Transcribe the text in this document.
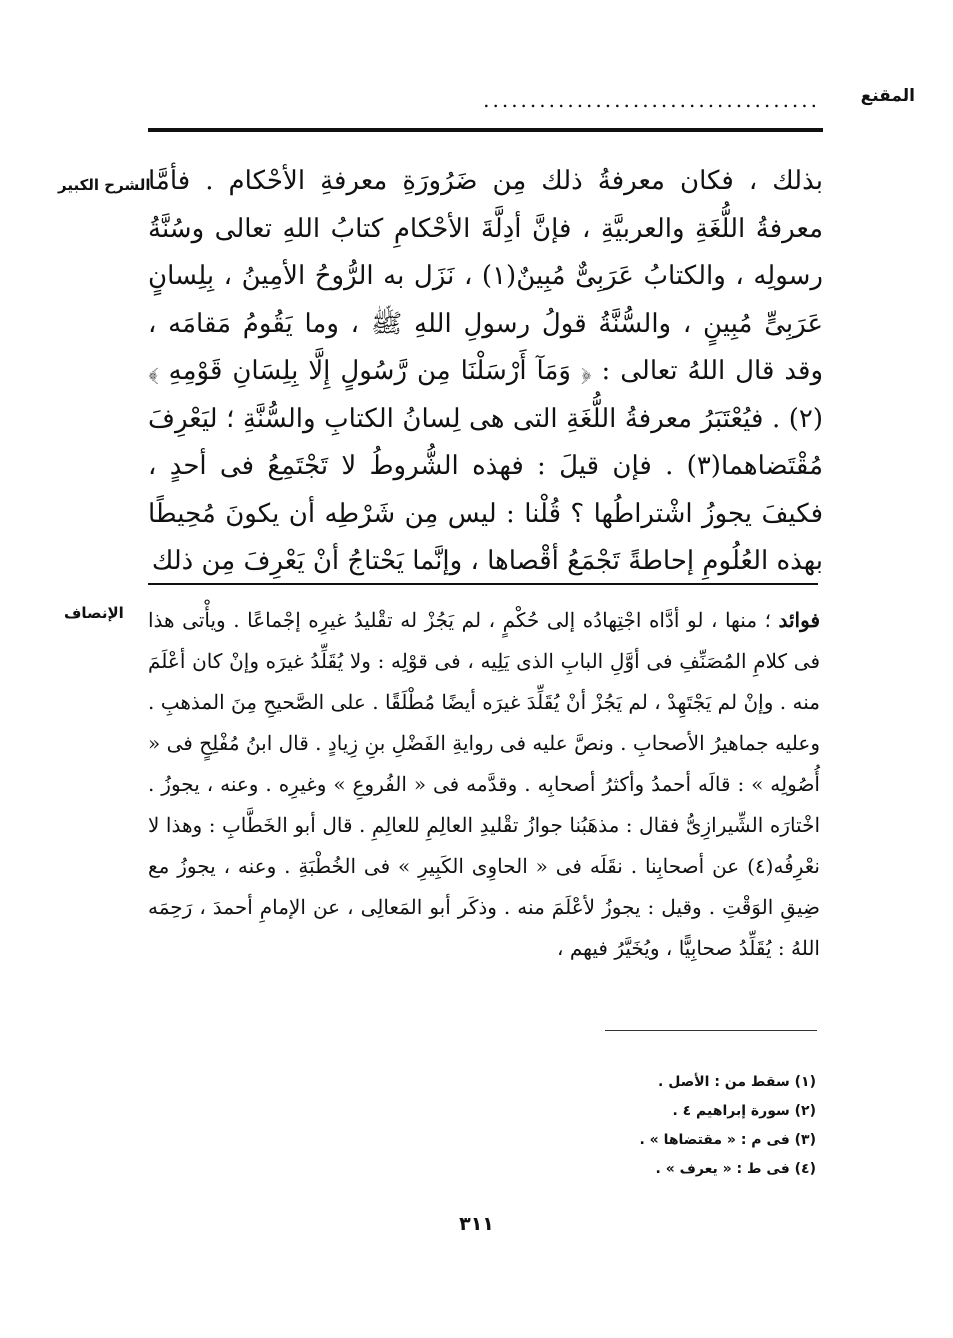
المقنع
....................................
الشرح الكبير

بذلك ، فكان معرفةُ ذلك مِن ضَرُورَةِ معرفةِ الأحْكام . فأمَّا معرفةُ اللُّغَةِ والعربيَّةِ ، فإنَّ أدِلَّةَ الأحْكامِ كتابُ اللهِ تعالى وسُنَّةُ رسولِه ، والكتابُ عَرَبِىٌّ مُبِينٌ(١) ، نَزَل به الرُّوحُ الأمِينُ ، بِلِسانٍ عَرَبِىٍّ مُبِينٍ ، والسُّنَّةُ قولُ رسولِ اللهِ ﷺ ، وما يَقُومُ مَقامَه ، وقد قال اللهُ تعالى : ﴿ وَمَآ أَرْسَلْنَا مِن رَّسُولٍ إِلَّا بِلِسَانِ قَوْمِهِ ﴾(٢) . فيُعْتَبَرُ معرفةُ اللُّغَةِ التى هى لِسانُ الكتابِ والسُّنَّةِ ؛ ليَعْرِفَ مُقْتَضاهما(٣) . فإن قيلَ : فهذه الشُّروطُ لا تَجْتَمِعُ فى أحدٍ ، فكيفَ يجوزُ اشْتراطُها ؟ قُلْنا : ليس مِن شَرْطِه أن يكونَ مُحِيطًا بهذه العُلُومِ إحاطةً تَجْمَعُ أقْصاها ، وإنَّما يَحْتاجُ أنْ يَعْرِفَ مِن ذلك

الإنصاف	فوائد ؛ منها ، لو أدَّاه اجْتِهادُه إلى حُكْمٍ ، لم يَجُزْ له تقْليدُ غيرِه إجْماعًا . ويأْتى هذا فى كلامِ المُصَنِّفِ فى أوَّلِ البابِ الذى يَلِيه ، فى قوْلِه : ولا يُقَلِّدُ غيرَه وإنْ كان أعْلَمَ منه . وإنْ لم يَجْتَهِدْ ، لم يَجُزْ أنْ يُقَلِّدَ غيرَه أيضًا مُطْلَقًا . على الصَّحيحِ مِنَ المذهبِ . وعليه جماهيرُ الأصحابِ . ونصَّ عليه فى روايةِ الفَضْلِ بنِ زِيادٍ . قال ابنُ مُفْلِحٍ فى « أُصُولِه » : قالَه أحمدُ وأكثرُ أصحابِه . وقدَّمه فى « الفُروعِ » وغيرِه . وعنه ، يجوزُ . اخْتارَه الشِّيرازِىُّ فقال : مذهَبُنا جوازُ تقْليدِ العالِمِ للعالِمِ . قال أبو الخَطَّابِ : وهذا لا نعْرِفُه(٤) عن أصحابِنا . نقَلَه فى « الحاوِى الكَبِيرِ » فى الخُطْبَةِ . وعنه ، يجوزُ مع ضِيقِ الوَقْتِ . وقيل : يجوزُ لأعْلَمَ منه . وذكَر أبو المَعالِى ، عن الإمامِ أحمدَ ، رَحِمَه اللهُ : يُقَلِّدُ صحابِيًّا ، ويُخَيَّرُ فيهم ،

(١) سقط من : الأصل .
(٢) سورة إبراهيم ٤ .
(٣) فى م : « مقتضاها » .
(٤) فى ط : « يعرف » .
٣١١
